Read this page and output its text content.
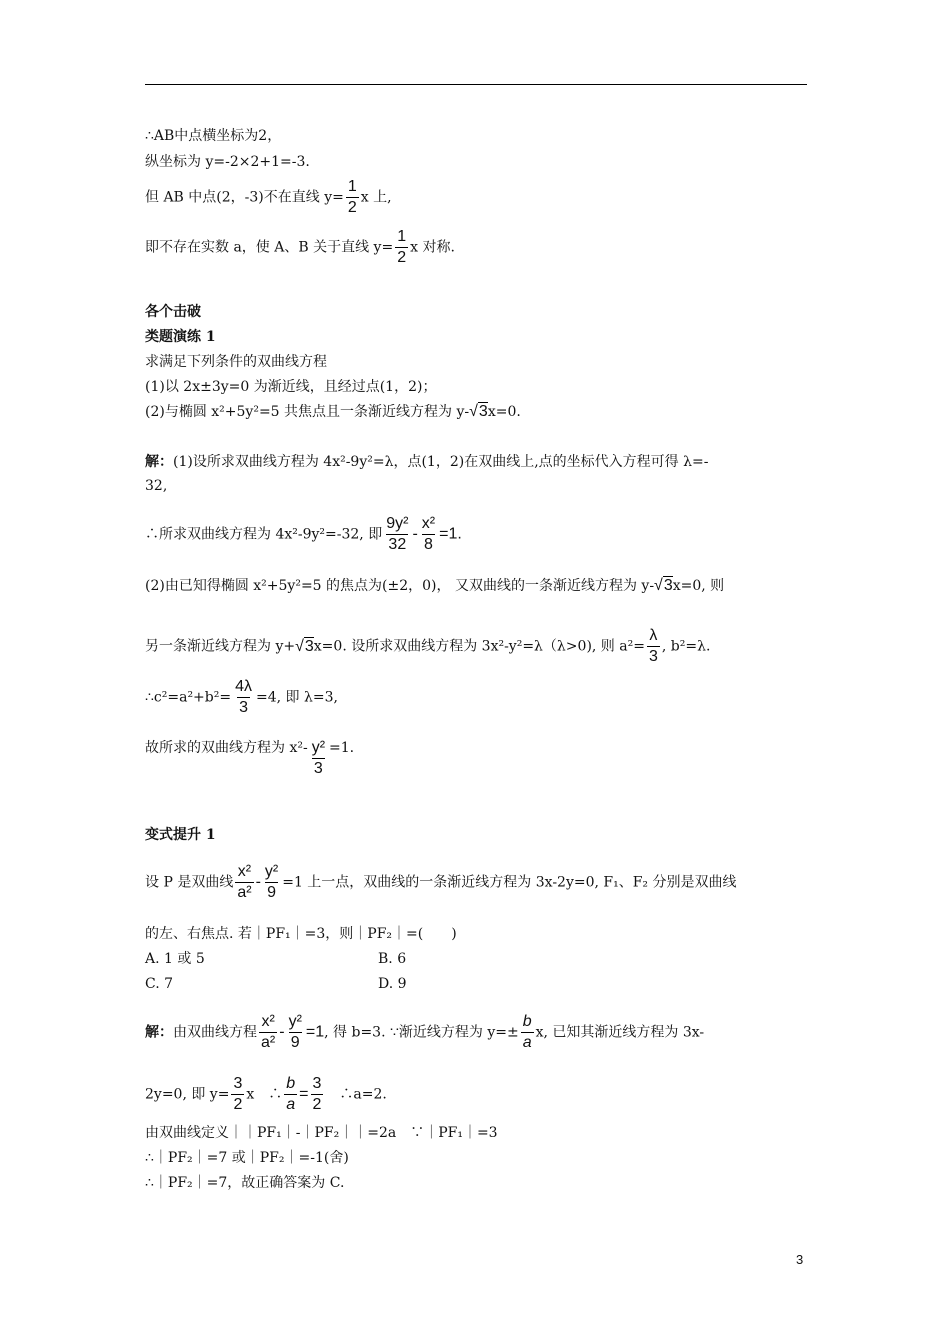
∴AB中点横坐标为2，
纵坐标为 y=-2×2+1=-3.
但 AB 中点(2，-3)不在直线 $y= \frac{1}{2}$ x 上,
即不存在实数 a，使 A、B 关于直线 $y= \frac{1}{2}$ x 对称.
各个击破
类题演练 1
求满足下列条件的双曲线方程
(1)以 2x±3y=0 为渐近线，且经过点(1，2)；
(2)与椭圆 x²+5y²=5 共焦点且一条渐近线方程为 y-√3x=0.
解：(1)设所求双曲线方程为 4x²-9y²=λ，点(1，2)在双曲线上,点的坐标代入方程可得 λ=-
32,
∴所求双曲线方程为 4x²-9y²=-32, 即 $\frac{\text{9y²}}{32} - \frac{\text{x²}}{8} =1$.
(2)由已知得椭圆 x²+5y²=5 的焦点为(±2，0)， 又双曲线的一条渐近线方程为 y-√3x=0, 则
另一条渐近线方程为 y+√3x=0. 设所求双曲线方程为 3x²-y²=λ（λ>0), 则 $a^2= \frac{\lambda}{3}$ , b²=λ.
∴c²=a²+b²= $\frac{4\lambda}{3} =4$, 即 λ=3,
故所求的双曲线方程为 $x^2- \frac{\text{y²}}{3} =1$.
变式提升 1
设 P 是双曲线 $\frac{\text{x²}}{\text{a²}} - \frac{\text{y²}}{9} =1$ 上一点，双曲线的一条渐近线方程为 3x-2y=0, F₁、F₂ 分别是双曲线
的左、右焦点. 若｜PF₁｜=3，则｜PF₂｜=(　　)
A. 1 或 5	B. 6
C. 7	D. 9
解：由双曲线方程 $\frac{\text{x²}}{\text{a²}} - \frac{\text{y²}}{9} =1$, 得 b=3. ∵渐近线方程为 $y=\pm \frac{b}{a} x$, 已知其渐近线方程为 3x-
2y=0, 即 $y= \frac{3}{2}$ x　∴ $\frac{b}{a} = \frac{3}{2}$ 　∴a=2.
由双曲线定义｜｜PF₁｜-｜PF₂｜｜=2a　∵｜PF₁｜=3
∴｜PF₂｜=7 或｜PF₂｜=-1(舍)
∴｜PF₂｜=7，故正确答案为 C.
3
